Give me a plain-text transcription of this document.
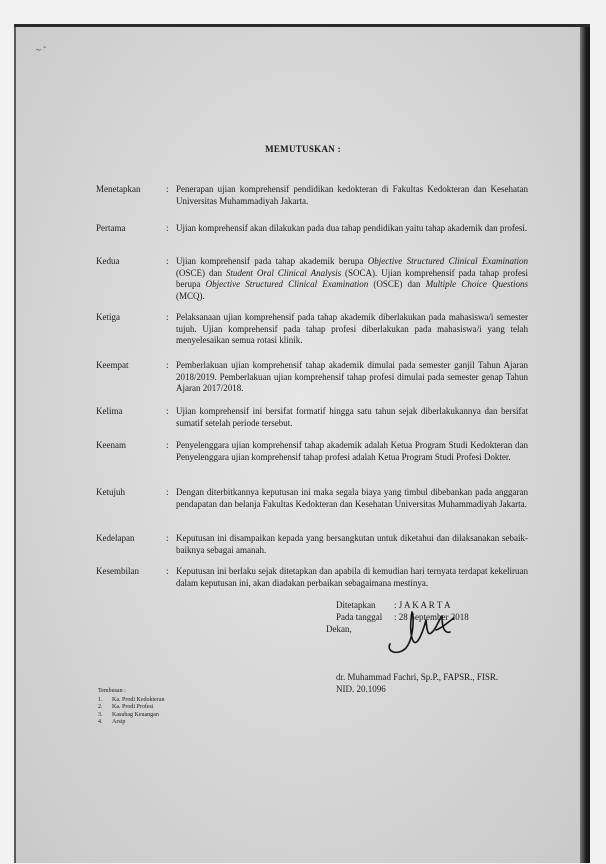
~ ˘
MEMUTUSKAN :
Menetapkan	: Penerapan ujian komprehensif pendidikan kedokteran di Fakultas Kedokteran dan Kesehatan Universitas Muhammadiyah Jakarta.
Pertama	: Ujian komprehensif akan dilakukan pada dua tahap pendidikan yaitu tahap akademik dan profesi.
Kedua	: Ujian komprehensif pada tahap akademik berupa Objective Structured Clinical Examination (OSCE) dan Student Oral Clinical Analysis (SOCA). Ujian komprehensif pada tahap profesi berupa Objective Structured Clinical Examination (OSCE) dan Multiple Choice Questions (MCQ).
Ketiga	: Pelaksanaan ujian komprehensif pada tahap akademik diberlakukan pada mahasiswa/i semester tujuh. Ujian komprehensif pada tahap profesi diberlakukan pada mahasiswa/i yang telah menyelesaikan semua rotasi klinik.
Keempat	: Pemberlakuan ujian komprehensif tahap akademik dimulai pada semester ganjil Tahun Ajaran 2018/2019. Pemberlakuan ujian komprehensif tahap profesi dimulai pada semester genap Tahun Ajaran 2017/2018.
Kelima	: Ujian komprehensif ini bersifat formatif hingga satu tahun sejak diberlakukannya dan bersifat sumatif setelah periode tersebut.
Keenam	: Penyelenggara ujian komprehensif tahap akademik adalah Ketua Program Studi Kedokteran dan Penyelenggara ujian komprehensif tahap profesi adalah Ketua Program Studi Profesi Dokter.
Ketujuh	: Dengan diterbitkannya keputusan ini maka segala biaya yang timbul dibebankan pada anggaran pendapatan dan belanja Fakultas Kedokteran dan Kesehatan Universitas Muhammadiyah Jakarta.
Kedelapan	: Keputusan ini disampaikan kepada yang bersangkutan untuk diketahui dan dilaksanakan sebaik-baiknya sebagai amanah.
Kesembilan	: Keputusan ini berlaku sejak ditetapkan dan apabila di kemudian hari ternyata terdapat kekeliruan dalam keputusan ini, akan diadakan perbaikan sebagaimana mestinya.
Ditetapkan : J A K A R T A
Pada tanggal : 28 September 2018
Dekan,
dr. Muhammad Fachri, Sp.P., FAPSR., FISR.
NID. 20.1096
Tembusan :
1. Ka. Prodi Kedokteran
2. Ka. Prodi Profesi
3. Kasubag Keuangan
4. Arsip
